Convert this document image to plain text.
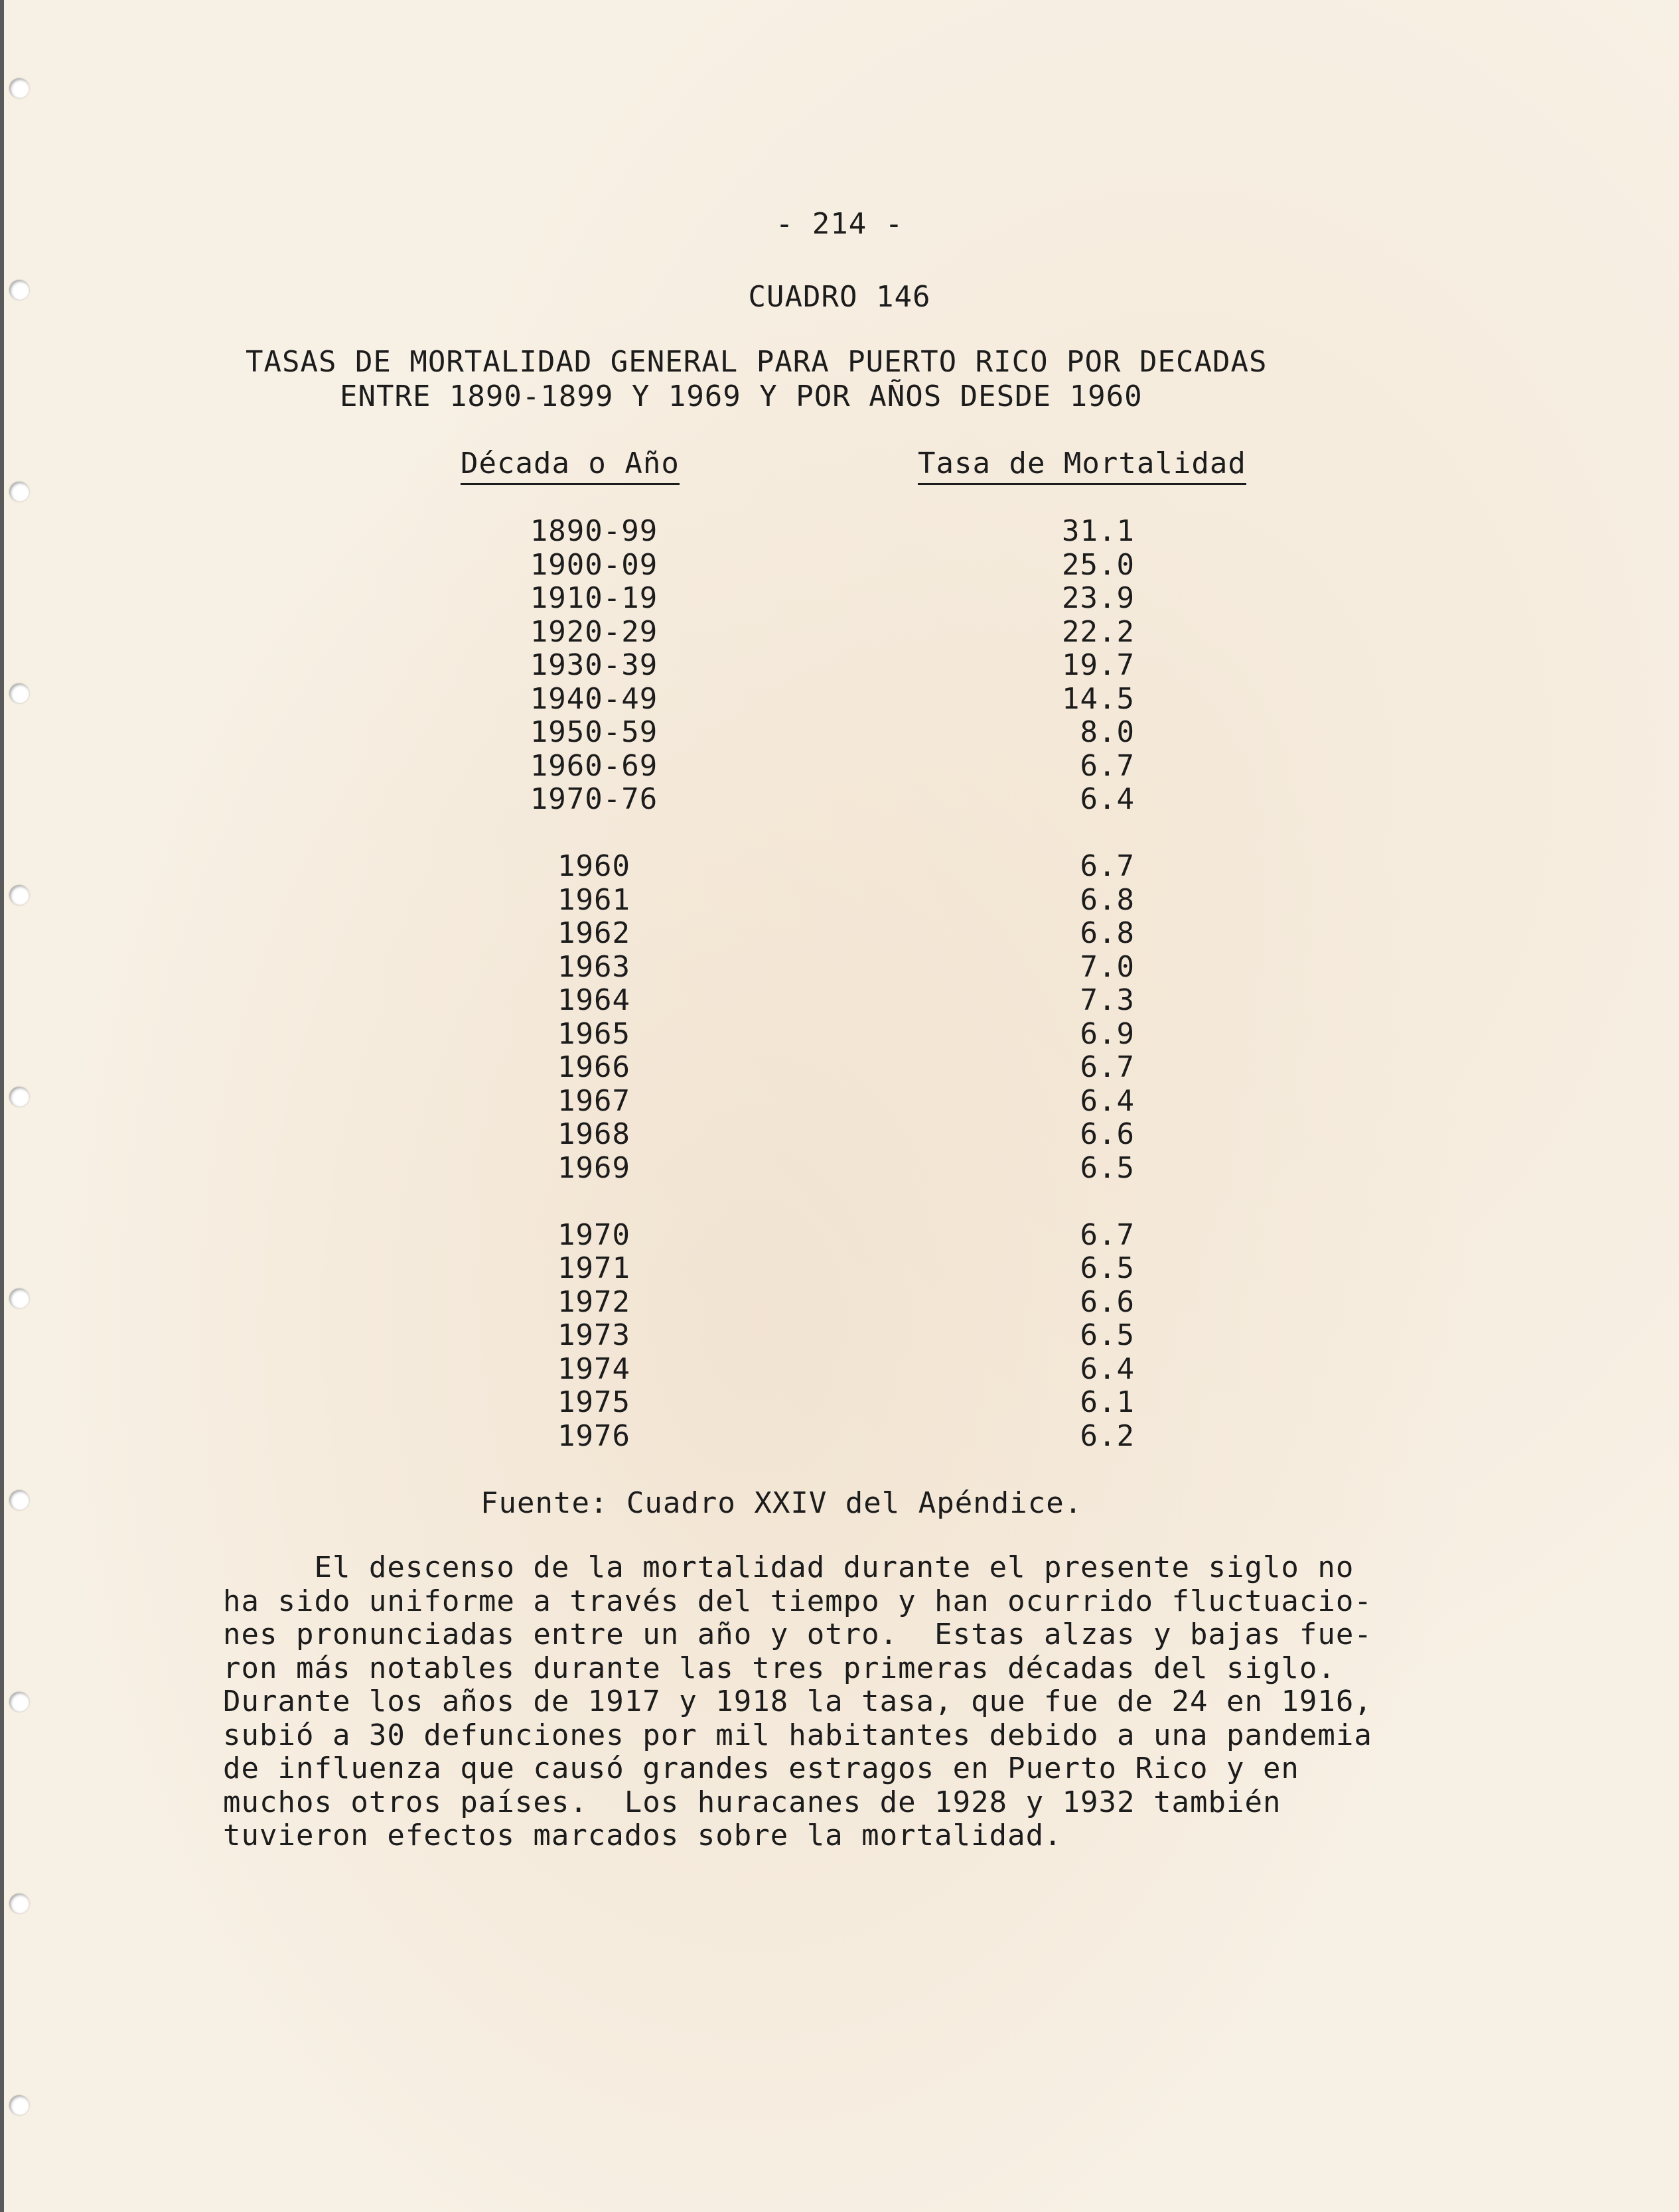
- 214 -
CUADRO 146
TASAS DE MORTALIDAD GENERAL PARA PUERTO RICO POR DECADAS
ENTRE 1890-1899 Y 1969 Y POR AÑOS DESDE 1960
Década o Año	Tasa de Mortalidad
1890-99	31.1
1900-09	25.0
1910-19	23.9
1920-29	22.2
1930-39	19.7
1940-49	14.5
1950-59	8.0
1960-69	6.7
1970-76	6.4
1960	6.7
1961	6.8
1962	6.8
1963	7.0
1964	7.3
1965	6.9
1966	6.7
1967	6.4
1968	6.6
1969	6.5
1970	6.7
1971	6.5
1972	6.6
1973	6.5
1974	6.4
1975	6.1
1976	6.2
Fuente: Cuadro XXIV del Apéndice.
El descenso de la mortalidad durante el presente siglo no
ha sido uniforme a través del tiempo y han ocurrido fluctuacio-
nes pronunciadas entre un año y otro.  Estas alzas y bajas fue-
ron más notables durante las tres primeras décadas del siglo.
Durante los años de 1917 y 1918 la tasa, que fue de 24 en 1916,
subió a 30 defunciones por mil habitantes debido a una pandemia
de influenza que causó grandes estragos en Puerto Rico y en
muchos otros países.  Los huracanes de 1928 y 1932 también
tuvieron efectos marcados sobre la mortalidad.
